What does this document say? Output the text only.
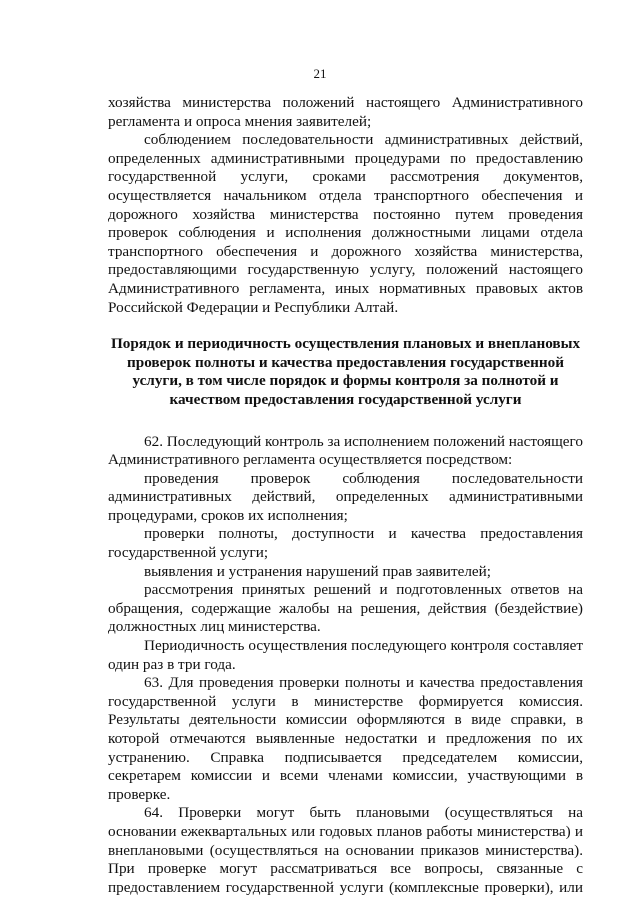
21

хозяйства министерства положений настоящего Административного регламента и опроса мнения заявителей;

соблюдением последовательности административных действий, определенных административными процедурами по предоставлению государственной услуги, сроками рассмотрения документов, осуществляется начальником отдела транспортного обеспечения и дорожного хозяйства министерства постоянно путем проведения проверок соблюдения и исполнения должностными лицами отдела транспортного обеспечения и дорожного хозяйства министерства, предоставляющими государственную услугу, положений настоящего Административного регламента, иных нормативных правовых актов Российской Федерации и Республики Алтай.

Порядок и периодичность осуществления плановых и внеплановых
проверок полноты и качества предоставления государственной
услуги, в том числе порядок и формы контроля за полнотой и
качеством предоставления государственной услуги

62. Последующий контроль за исполнением положений настоящего Административного регламента осуществляется посредством:

проведения проверок соблюдения последовательности административных действий, определенных административными процедурами, сроков их исполнения;

проверки полноты, доступности и качества предоставления государственной услуги;

выявления и устранения нарушений прав заявителей;

рассмотрения принятых решений и подготовленных ответов на обращения, содержащие жалобы на решения, действия (бездействие) должностных лиц министерства.

Периодичность осуществления последующего контроля составляет один раз в три года.

63. Для проведения проверки полноты и качества предоставления государственной услуги в министерстве формируется комиссия. Результаты деятельности комиссии оформляются в виде справки, в которой отмечаются выявленные недостатки и предложения по их устранению. Справка подписывается председателем комиссии, секретарем комиссии и всеми членами комиссии, участвующими в проверке.

64. Проверки могут быть плановыми (осуществляться на основании ежеквартальных или годовых планов работы министерства) и внеплановыми (осуществляться на основании приказов министерства). При проверке могут рассматриваться все вопросы, связанные с предоставлением государственной услуги (комплексные проверки), или
